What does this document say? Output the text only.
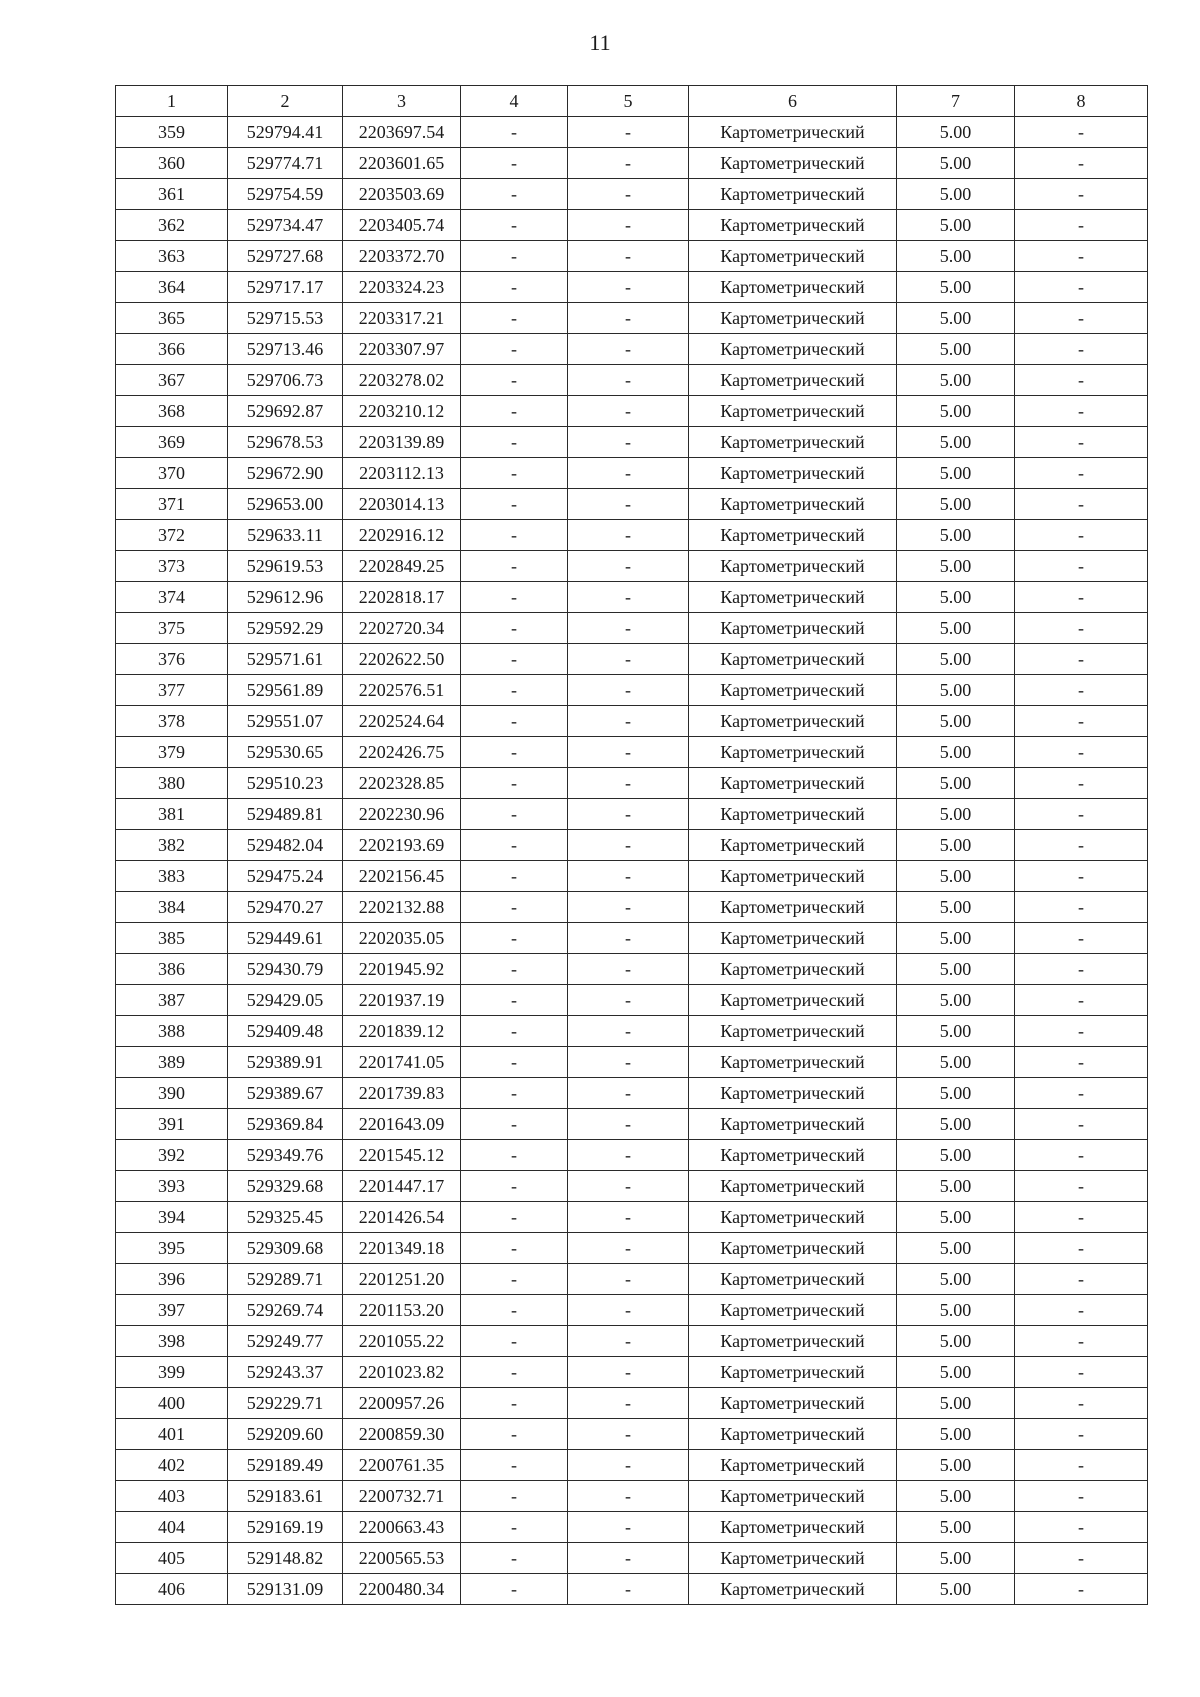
11
1	2	3	4	5	6	7	8
359	529794.41	2203697.54	-	-	Картометрический	5.00	-
360	529774.71	2203601.65	-	-	Картометрический	5.00	-
361	529754.59	2203503.69	-	-	Картометрический	5.00	-
362	529734.47	2203405.74	-	-	Картометрический	5.00	-
363	529727.68	2203372.70	-	-	Картометрический	5.00	-
364	529717.17	2203324.23	-	-	Картометрический	5.00	-
365	529715.53	2203317.21	-	-	Картометрический	5.00	-
366	529713.46	2203307.97	-	-	Картометрический	5.00	-
367	529706.73	2203278.02	-	-	Картометрический	5.00	-
368	529692.87	2203210.12	-	-	Картометрический	5.00	-
369	529678.53	2203139.89	-	-	Картометрический	5.00	-
370	529672.90	2203112.13	-	-	Картометрический	5.00	-
371	529653.00	2203014.13	-	-	Картометрический	5.00	-
372	529633.11	2202916.12	-	-	Картометрический	5.00	-
373	529619.53	2202849.25	-	-	Картометрический	5.00	-
374	529612.96	2202818.17	-	-	Картометрический	5.00	-
375	529592.29	2202720.34	-	-	Картометрический	5.00	-
376	529571.61	2202622.50	-	-	Картометрический	5.00	-
377	529561.89	2202576.51	-	-	Картометрический	5.00	-
378	529551.07	2202524.64	-	-	Картометрический	5.00	-
379	529530.65	2202426.75	-	-	Картометрический	5.00	-
380	529510.23	2202328.85	-	-	Картометрический	5.00	-
381	529489.81	2202230.96	-	-	Картометрический	5.00	-
382	529482.04	2202193.69	-	-	Картометрический	5.00	-
383	529475.24	2202156.45	-	-	Картометрический	5.00	-
384	529470.27	2202132.88	-	-	Картометрический	5.00	-
385	529449.61	2202035.05	-	-	Картометрический	5.00	-
386	529430.79	2201945.92	-	-	Картометрический	5.00	-
387	529429.05	2201937.19	-	-	Картометрический	5.00	-
388	529409.48	2201839.12	-	-	Картометрический	5.00	-
389	529389.91	2201741.05	-	-	Картометрический	5.00	-
390	529389.67	2201739.83	-	-	Картометрический	5.00	-
391	529369.84	2201643.09	-	-	Картометрический	5.00	-
392	529349.76	2201545.12	-	-	Картометрический	5.00	-
393	529329.68	2201447.17	-	-	Картометрический	5.00	-
394	529325.45	2201426.54	-	-	Картометрический	5.00	-
395	529309.68	2201349.18	-	-	Картометрический	5.00	-
396	529289.71	2201251.20	-	-	Картометрический	5.00	-
397	529269.74	2201153.20	-	-	Картометрический	5.00	-
398	529249.77	2201055.22	-	-	Картометрический	5.00	-
399	529243.37	2201023.82	-	-	Картометрический	5.00	-
400	529229.71	2200957.26	-	-	Картометрический	5.00	-
401	529209.60	2200859.30	-	-	Картометрический	5.00	-
402	529189.49	2200761.35	-	-	Картометрический	5.00	-
403	529183.61	2200732.71	-	-	Картометрический	5.00	-
404	529169.19	2200663.43	-	-	Картометрический	5.00	-
405	529148.82	2200565.53	-	-	Картометрический	5.00	-
406	529131.09	2200480.34	-	-	Картометрический	5.00	-
